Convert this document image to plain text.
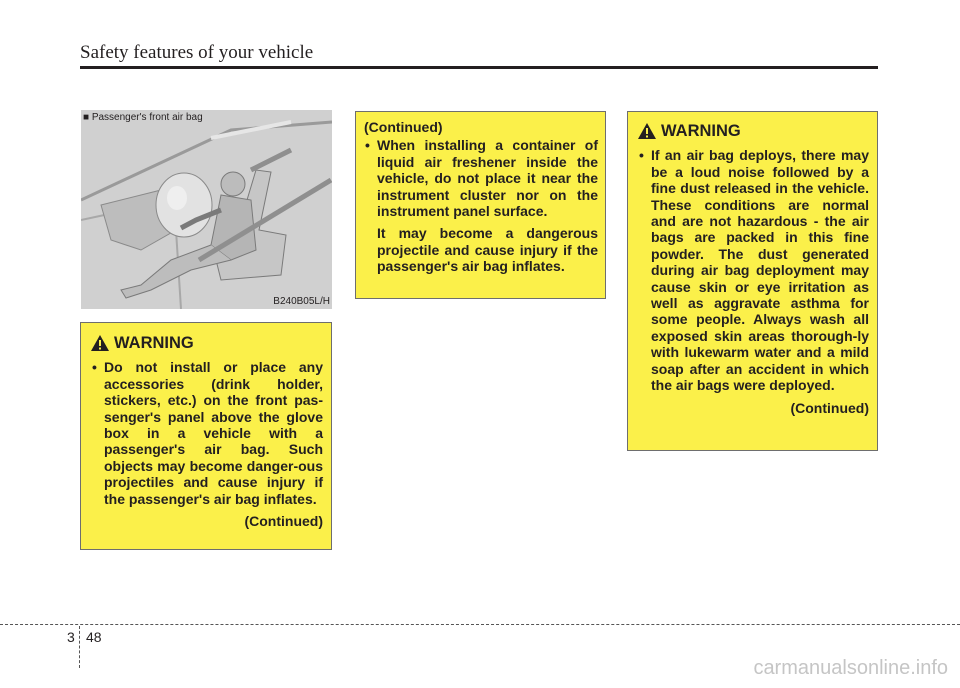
Safety features of your vehicle
B240B05L/H
■ Passenger's front air bag
WARNING
• Do not install or place any accessories (drink holder, stickers, etc.) on the front pas-senger's panel above the glove box in a vehicle with a passenger's air bag. Such objects may become danger-ous projectiles and cause injury if the passenger's air bag inflates.
(Continued)
(Continued)
• When installing a container of liquid air freshener inside the vehicle, do not place it near the instrument cluster nor on the instrument panel surface.
It may become a dangerous projectile and cause injury if the passenger's air bag inflates.
WARNING
• If an air bag deploys, there may be a loud noise followed by a fine dust released in the vehicle. These conditions are normal and are not hazardous - the air bags are packed in this fine powder. The dust generated during air bag deployment may cause skin or eye irritation as well as aggravate asthma for some people. Always wash all exposed skin areas thorough-ly with lukewarm water and a mild soap after an accident in which the air bags were deployed.
(Continued)
3 48
carmanualsonline.info
